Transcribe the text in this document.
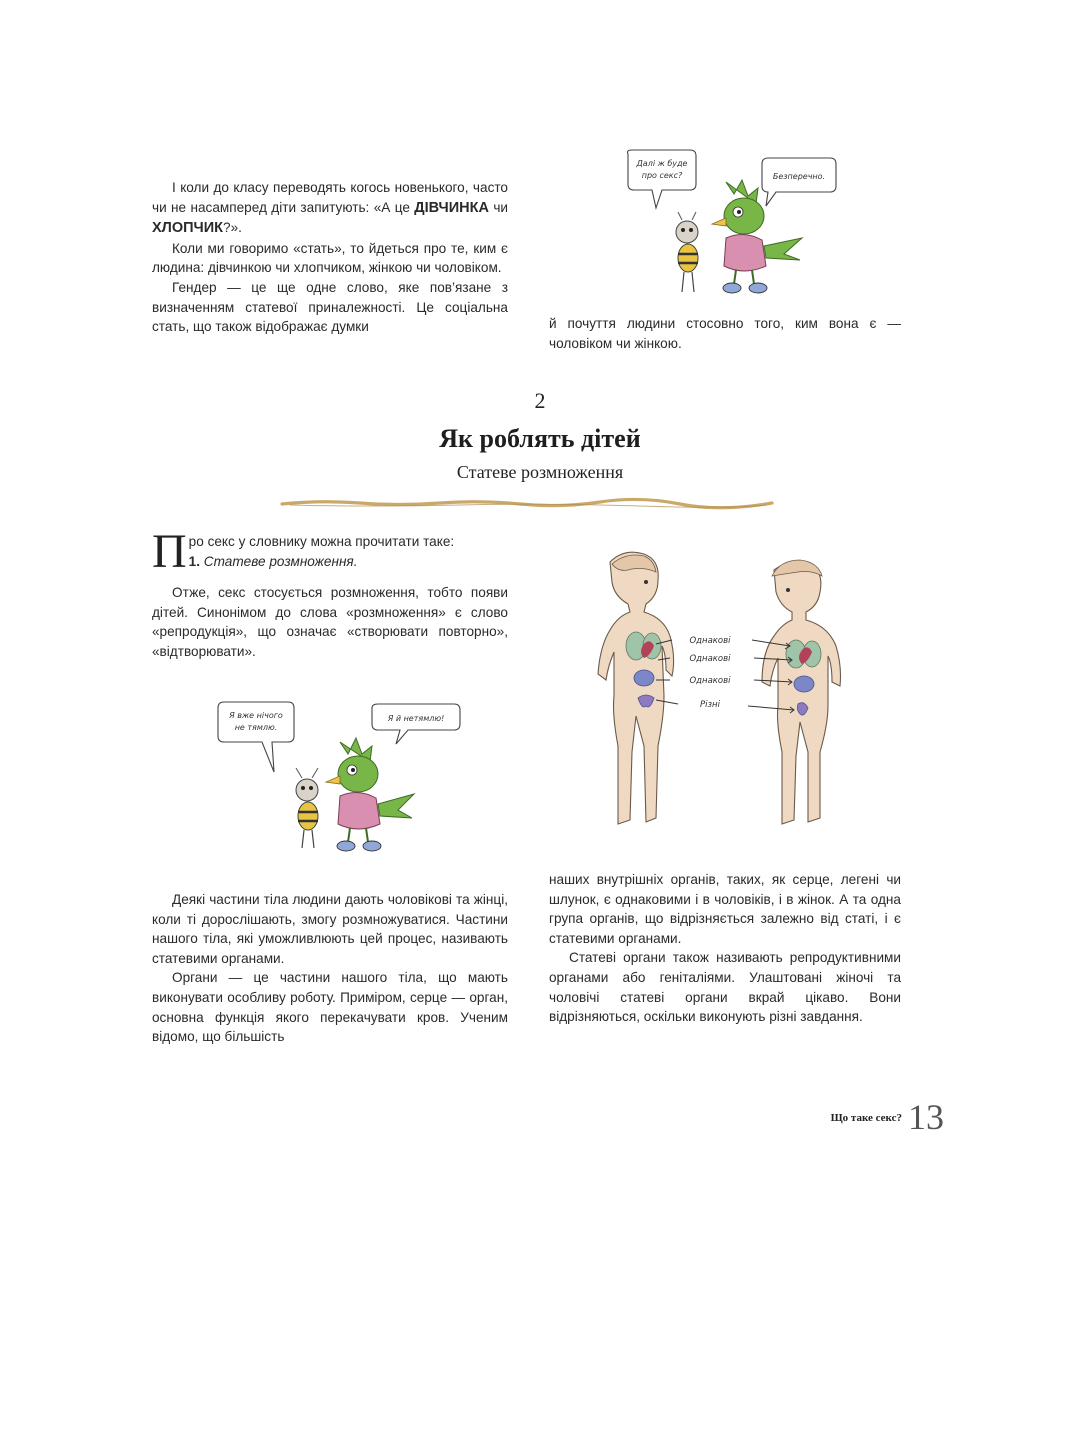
І коли до класу переводять когось новенького, часто чи не насамперед діти запитують: «А це ДІВЧИНКА чи ХЛОПЧИК?».

Коли ми говоримо «стать», то йдеться про те, ким є людина: дівчинкою чи хлопчиком, жінкою чи чоловіком.

Гендер — це ще одне слово, яке пов’язане з визначенням статевої приналежності. Це соціальна стать, що також відображає думки	й почуття людини стосовно того, ким вона є — чоловіком чи жінкою.

Далі ж буде
про секс?	Безперечно.
2
Як роблять дітей
Статеве розмноження

Про секс у словнику можна прочитати таке:
1. Статеве розмноження.

Отже, секс стосується розмноження, тобто появи дітей. Синонімом до слова «розмноження» є слово «репродукція», що означає «створювати повторно», «відтворювати».

Я вже нічого
не тямлю.
Я й нетямлю!
Однакові
Однакові
Однакові
Різні

Деякі частини тіла людини дають чоловікові та жінці, коли ті дорослішають, змогу розмножуватися. Частини нашого тіла, які уможливлюють цей процес, називають статевими органами.

Органи — це частини нашого тіла, що мають виконувати особливу роботу. Приміром, серце — орган, основна функція якого перекачувати кров. Ученим відомо, що більшість

наших внутрішніх органів, таких, як серце, легені чи шлунок, є однаковими і в чоловіків, і в жінок. А та одна група органів, що відрізняється залежно від статі, і є статевими органами.

Статеві органи також називають репродуктивними органами або геніталіями. Улаштовані жіночі та чоловічі статеві органи вкрай цікаво. Вони відрізняються, оскільки виконують різні завдання.

Що таке секс? 13
